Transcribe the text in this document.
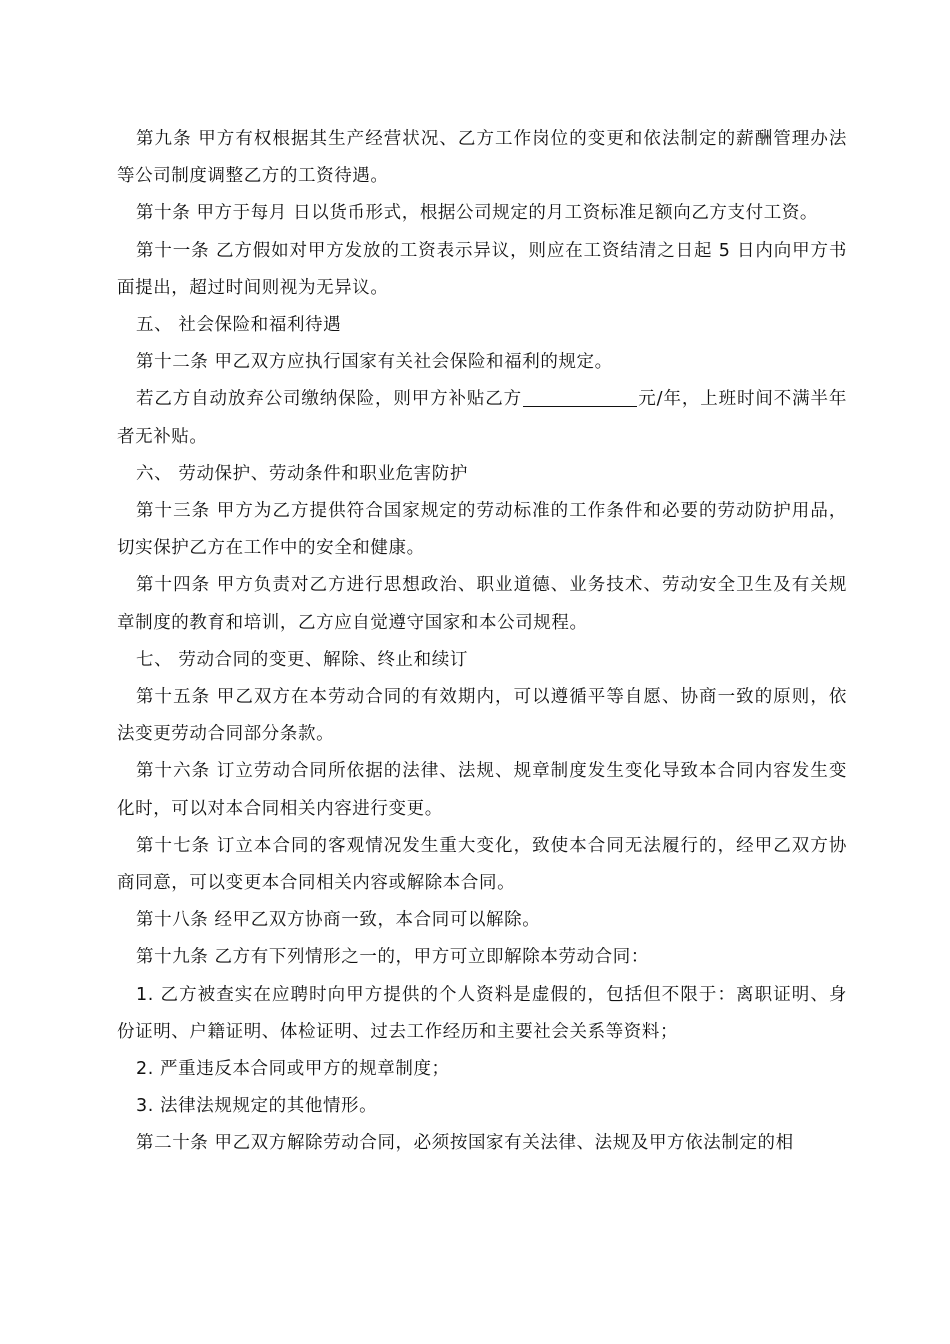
第九条 甲方有权根据其生产经营状况、乙方工作岗位的变更和依法制定的薪酬管理办法等公司制度调整乙方的工资待遇。

第十条 甲方于每月 日以货币形式，根据公司规定的月工资标准足额向乙方支付工资。

第十一条 乙方假如对甲方发放的工资表示异议，则应在工资结清之日起 5 日内向甲方书面提出，超过时间则视为无异议。

五、 社会保险和福利待遇

第十二条 甲乙双方应执行国家有关社会保险和福利的规定。

若乙方自动放弃公司缴纳保险，则甲方补贴乙方	元/年，上班时间不满半年者无补贴。

六、 劳动保护、劳动条件和职业危害防护

第十三条 甲方为乙方提供符合国家规定的劳动标准的工作条件和必要的劳动防护用品，切实保护乙方在工作中的安全和健康。

第十四条 甲方负责对乙方进行思想政治、职业道德、业务技术、劳动安全卫生及有关规章制度的教育和培训，乙方应自觉遵守国家和本公司规程。

七、 劳动合同的变更、解除、终止和续订

第十五条 甲乙双方在本劳动合同的有效期内，可以遵循平等自愿、协商一致的原则，依法变更劳动合同部分条款。

第十六条 订立劳动合同所依据的法律、法规、规章制度发生变化导致本合同内容发生变化时，可以对本合同相关内容进行变更。

第十七条 订立本合同的客观情况发生重大变化，致使本合同无法履行的，经甲乙双方协商同意，可以变更本合同相关内容或解除本合同。

第十八条 经甲乙双方协商一致，本合同可以解除。

第十九条 乙方有下列情形之一的，甲方可立即解除本劳动合同：

1. 乙方被查实在应聘时向甲方提供的个人资料是虚假的，包括但不限于：离职证明、身份证明、户籍证明、体检证明、过去工作经历和主要社会关系等资料；

2. 严重违反本合同或甲方的规章制度；

3. 法律法规规定的其他情形。

第二十条 甲乙双方解除劳动合同，必须按国家有关法律、法规及甲方依法制定的相
